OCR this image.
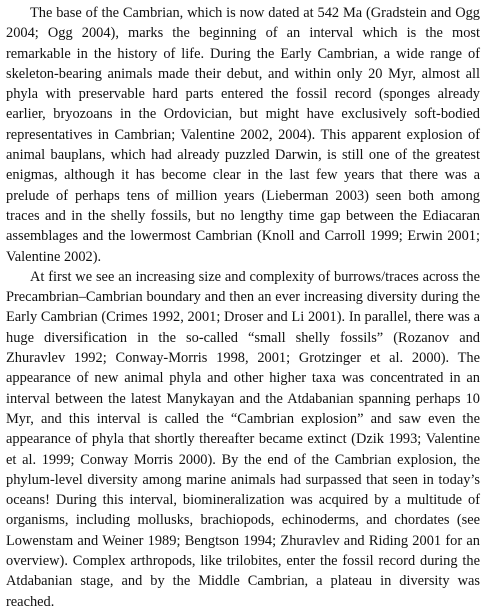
The base of the Cambrian, which is now dated at 542 Ma (Gradstein and Ogg 2004; Ogg 2004), marks the beginning of an interval which is the most remarkable in the history of life. During the Early Cambrian, a wide range of skeleton-bearing animals made their debut, and within only 20 Myr, almost all phyla with preservable hard parts entered the fossil record (sponges already earlier, bryozoans in the Ordovician, but might have exclusively soft-bodied representatives in Cambrian; Valentine 2002, 2004). This apparent explosion of animal bauplans, which had already puzzled Darwin, is still one of the greatest enigmas, although it has become clear in the last few years that there was a prelude of perhaps tens of million years (Lieberman 2003) seen both among traces and in the shelly fossils, but no lengthy time gap between the Ediacaran assemblages and the lowermost Cambrian (Knoll and Carroll 1999; Erwin 2001; Valentine 2002).

At first we see an increasing size and complexity of burrows/traces across the Precambrian–Cambrian boundary and then an ever increasing diversity during the Early Cambrian (Crimes 1992, 2001; Droser and Li 2001). In parallel, there was a huge diversification in the so-called “small shelly fossils” (Rozanov and Zhuravlev 1992; Conway-Morris 1998, 2001; Grotzinger et al. 2000). The appearance of new animal phyla and other higher taxa was concentrated in an interval between the latest Manykayan and the Atdabanian spanning perhaps 10 Myr, and this interval is called the “Cambrian explosion” and saw even the appearance of phyla that shortly thereafter became extinct (Dzik 1993; Valentine et al. 1999; Conway Morris 2000). By the end of the Cambrian explosion, the phylum-level diversity among marine animals had surpassed that seen in today’s oceans! During this interval, biomineralization was acquired by a multitude of organisms, including mollusks, brachiopods, echinoderms, and chordates (see Lowenstam and Weiner 1989; Bengtson 1994; Zhuravlev and Riding 2001 for an overview). Complex arthropods, like trilobites, enter the fossil record during the Atdabanian stage, and by the Middle Cambrian, a plateau in diversity was reached.
